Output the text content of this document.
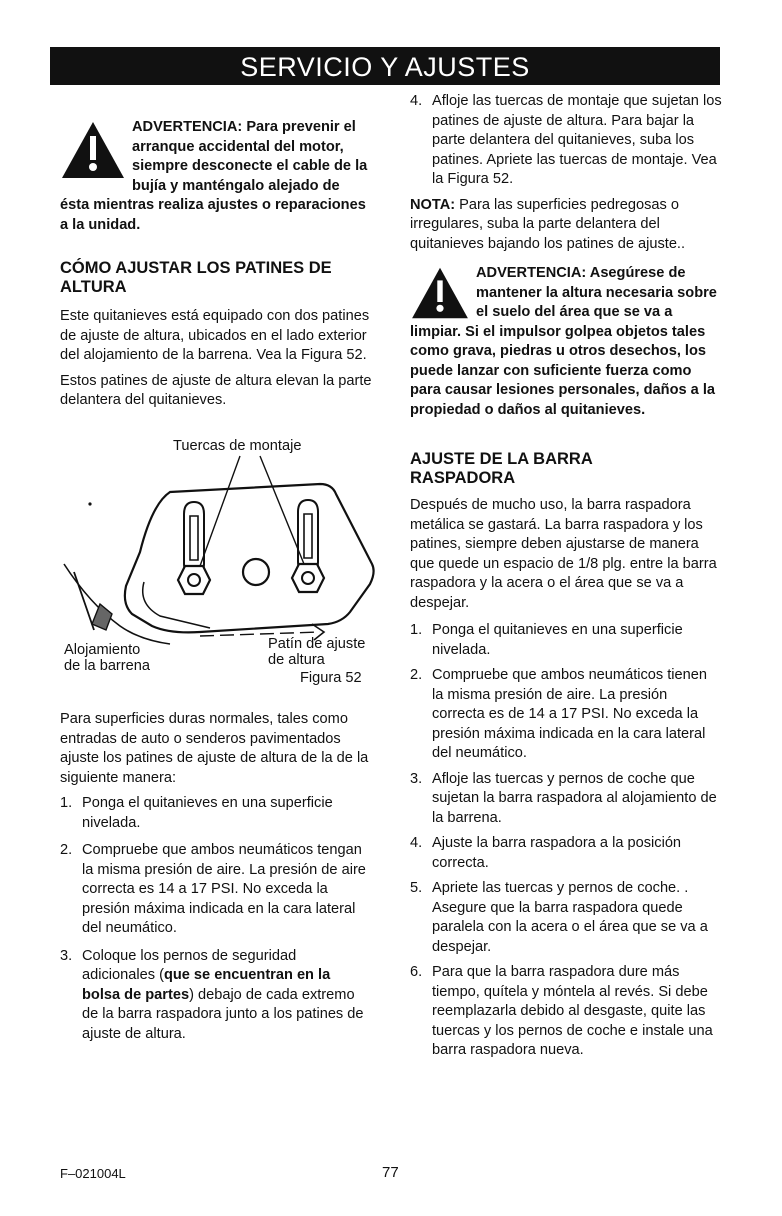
SERVICIO Y AJUSTES
ADVERTENCIA: Para prevenir el arranque accidental del motor, siempre desconecte el cable de la bujía y manténgalo alejado de ésta mientras realiza ajustes o reparaciones a la unidad.
CÓMO AJUSTAR LOS PATINES DE ALTURA

Este quitanieves está equipado con dos patines de ajuste de altura, ubicados en el lado exterior del alojamiento de la barrena. Vea la Figura 52.

Estos patines de ajuste de altura elevan la parte delantera del quitanieves.

Tuercas de montaje
Alojamiento
de la barrena
Patín de ajuste
de altura
Figura 52

Para superficies duras normales, tales como entradas de auto o senderos pavimentados ajuste los patines de ajuste de altura de la de la siguiente manera:

1. Ponga el quitanieves en una superficie nivelada.
2. Compruebe que ambos neumáticos tengan la misma presión de aire. La presión de aire correcta es 14 a 17 PSI. No exceda la presión máxima indicada en la cara lateral del neumático.
3. Coloque los pernos de seguridad adicionales (que se encuentran en la bolsa de partes) debajo de cada extremo de la barra raspadora junto a los patines de ajuste de altura.
4. Afloje las tuercas de montaje que sujetan los patines de ajuste de altura. Para bajar la parte delantera del quitanieves, suba los patines. Apriete las tuercas de montaje. Vea la Figura 52.

NOTA: Para las superficies pedregosas o irregulares, suba la parte delantera del quitanieves bajando los patines de ajuste..

ADVERTENCIA: Asegúrese de mantener la altura necesaria sobre el suelo del área que se va a limpiar. Si el impulsor golpea objetos tales como grava, piedras u otros desechos, los puede lanzar con suficiente fuerza como para causar lesiones personales, daños a la propiedad o daños al quitanieves.
AJUSTE DE LA BARRA RASPADORA

Después de mucho uso, la barra raspadora metálica se gastará. La barra raspadora y los patines, siempre deben ajustarse de manera que quede un espacio de 1/8 plg. entre la barra raspadora y la acera o el área que se va a despejar.

1. Ponga el quitanieves en una superficie nivelada.
2. Compruebe que ambos neumáticos tienen la misma presión de aire. La presión correcta es de 14 a 17 PSI. No exceda la presión máxima indicada en la cara lateral del neumático.
3. Afloje las tuercas y pernos de coche que sujetan la barra raspadora al alojamiento de la barrena.
4. Ajuste la barra raspadora a la posición correcta.
5. Apriete las tuercas y pernos de coche. . Asegure que la barra raspadora quede paralela con la acera o el área que se va a despejar.
6. Para que la barra raspadora dure más tiempo, quítela y móntela al revés. Si debe reemplazarla debido al desgaste, quite las tuercas y los pernos de coche e instale una barra raspadora nueva.
F–021004L	77
